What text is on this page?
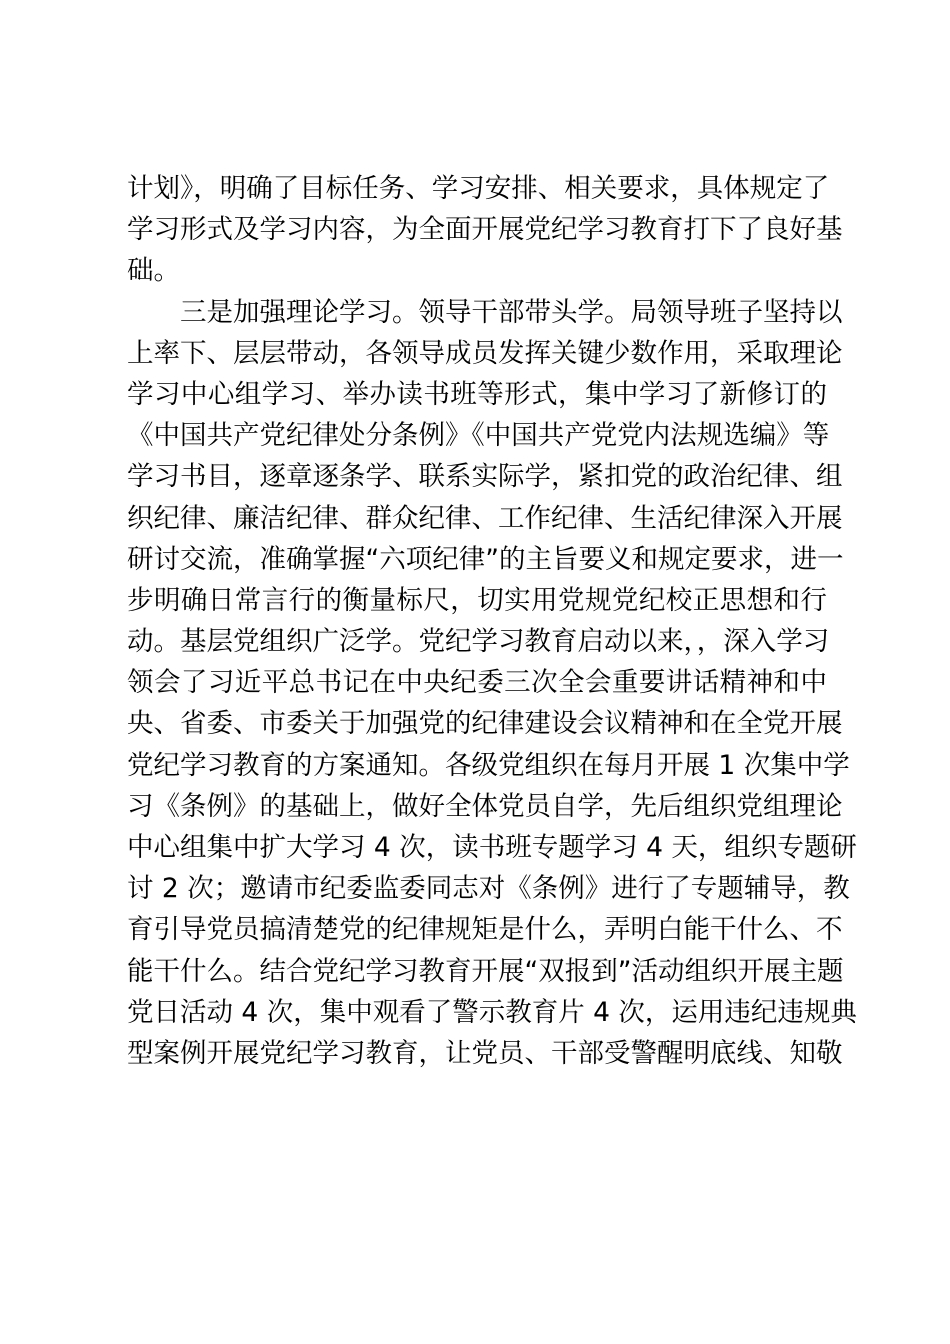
计划》，明确了目标任务、学习安排、相关要求，具体规定了
学习形式及学习内容，为全面开展党纪学习教育打下了良好基
础。
三是加强理论学习。领导干部带头学。局领导班子坚持以
上率下、层层带动，各领导成员发挥关键少数作用，采取理论
学习中心组学习、举办读书班等形式，集中学习了新修订的
《中国共产党纪律处分条例》《中国共产党党内法规选编》等
学习书目，逐章逐条学、联系实际学，紧扣党的政治纪律、组
织纪律、廉洁纪律、群众纪律、工作纪律、生活纪律深入开展
研讨交流，准确掌握“六项纪律”的主旨要义和规定要求，进一
步明确日常言行的衡量标尺，切实用党规党纪校正思想和行
动。基层党组织广泛学。党纪学习教育启动以来，，深入学习
领会了习近平总书记在中央纪委三次全会重要讲话精神和中
央、省委、市委关于加强党的纪律建设会议精神和在全党开展
党纪学习教育的方案通知。各级党组织在每月开展 1 次集中学
习《条例》的基础上，做好全体党员自学，先后组织党组理论
中心组集中扩大学习 4 次，读书班专题学习 4 天，组织专题研
讨 2 次；邀请市纪委监委同志对《条例》进行了专题辅导，教
育引导党员搞清楚党的纪律规矩是什么，弄明白能干什么、不
能干什么。结合党纪学习教育开展“双报到”活动组织开展主题
党日活动 4 次，集中观看了警示教育片 4 次，运用违纪违规典
型案例开展党纪学习教育，让党员、干部受警醒明底线、知敬
